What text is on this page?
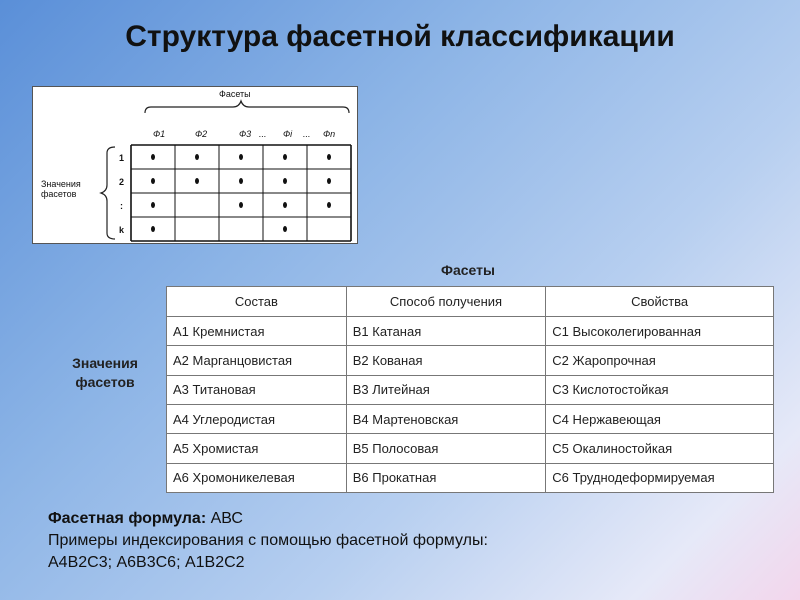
Структура фасетной классификации
Фасеты
Ф1	Ф2	Ф3 ... Фi ... Фn
1
2
:
k
Значения
фасетов
Фасеты
Значения
фасетов
Состав	Способ получения	Свойства
А1 Кремнистая	В1 Катаная	С1 Высоколегированная
А2 Марганцовистая	В2 Кованая	С2 Жаропрочная
А3 Титановая	В3 Литейная	С3 Кислотостойкая
А4 Углеродистая	В4 Мартеновская	С4 Нержавеющая
А5 Хромистая	В5 Полосовая	С5 Окалиностойкая
А6 Хромоникелевая	В6 Прокатная	С6 Труднодеформируемая
Фасетная формула: АВС
Примеры индексирования с помощью фасетной формулы:
А4В2С3; А6В3С6; А1В2С2
